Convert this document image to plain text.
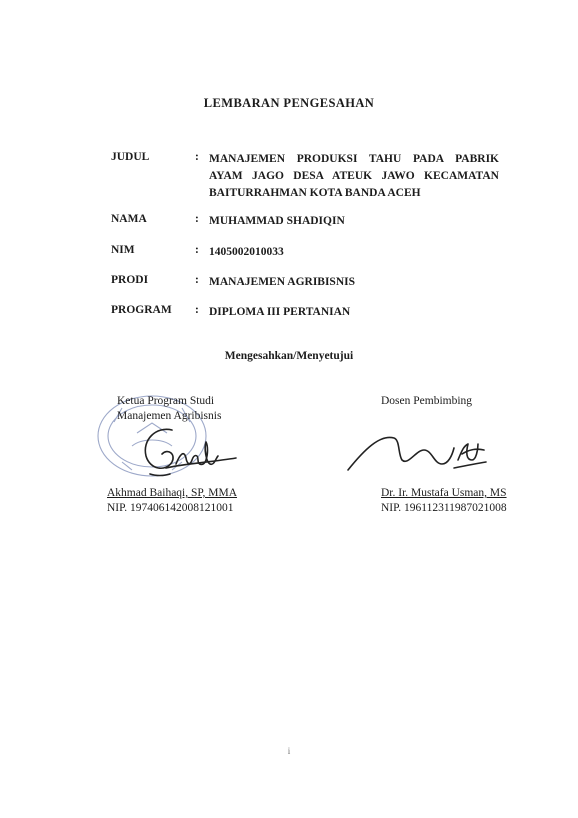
LEMBARAN PENGESAHAN
JUDUL	: MANAJEMEN PRODUKSI TAHU PADA PABRIK
AYAM JAGO DESA ATEUK JAWO KECAMATAN
BAITURRAHMAN KOTA BANDA ACEH
NAMA	: MUHAMMAD SHADIQIN
NIM	: 1405002010033
PRODI	: MANAJEMEN AGRIBISNIS
PROGRAM	: DIPLOMA III PERTANIAN
Mengesahkan/Menyetujui
Ketua Program Studi
Manajemen Agribisnis
Dosen Pembimbing
Akhmad Baihaqi, SP, MMA
NIP. 197406142008121001
Dr. Ir. Mustafa Usman, MS
NIP. 196112311987021008
i
